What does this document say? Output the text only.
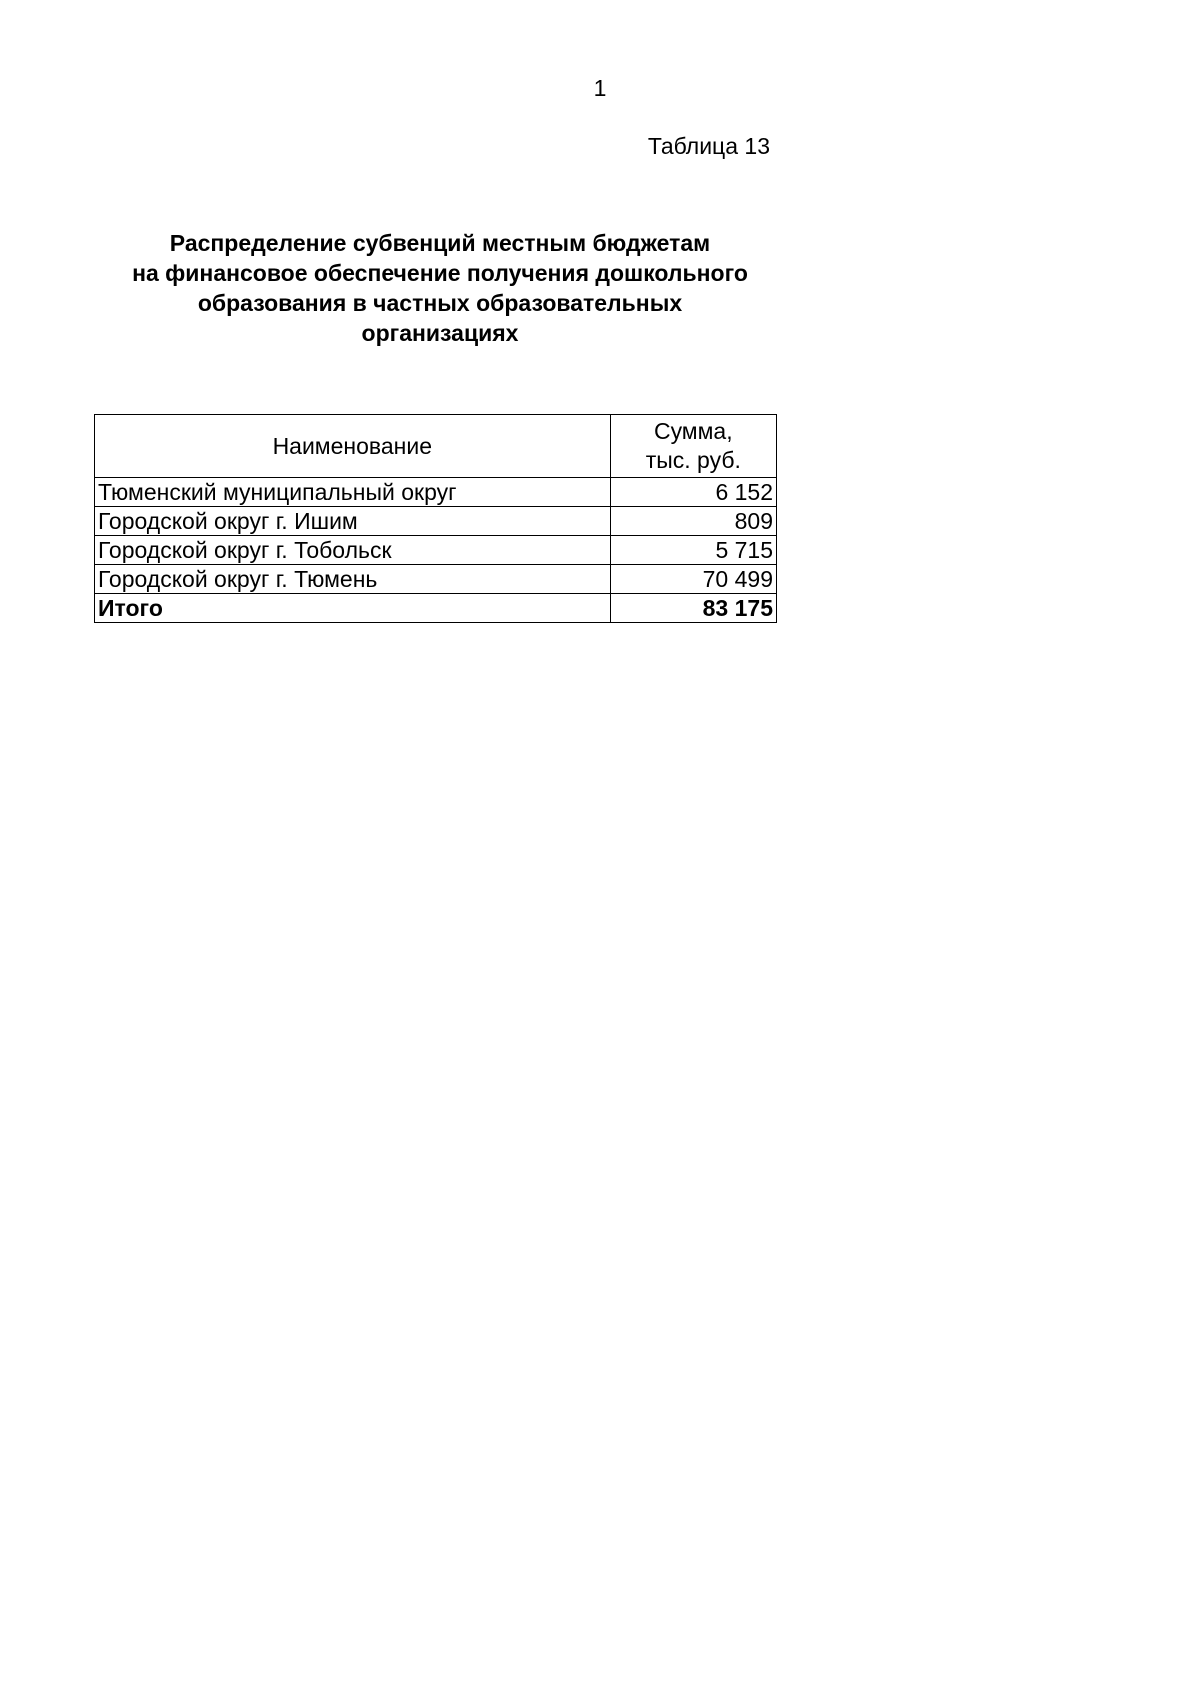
1
Таблица 13
Распределение субвенций местным бюджетам
на финансовое обеспечение получения дошкольного
образования в частных образовательных
организациях
Наименование	Сумма,
тыс. руб.

Тюменский муниципальный округ	6 152
Городской округ г. Ишим	809
Городской округ г. Тобольск	5 715
Городской округ г. Тюмень	70 499
Итого	83 175
